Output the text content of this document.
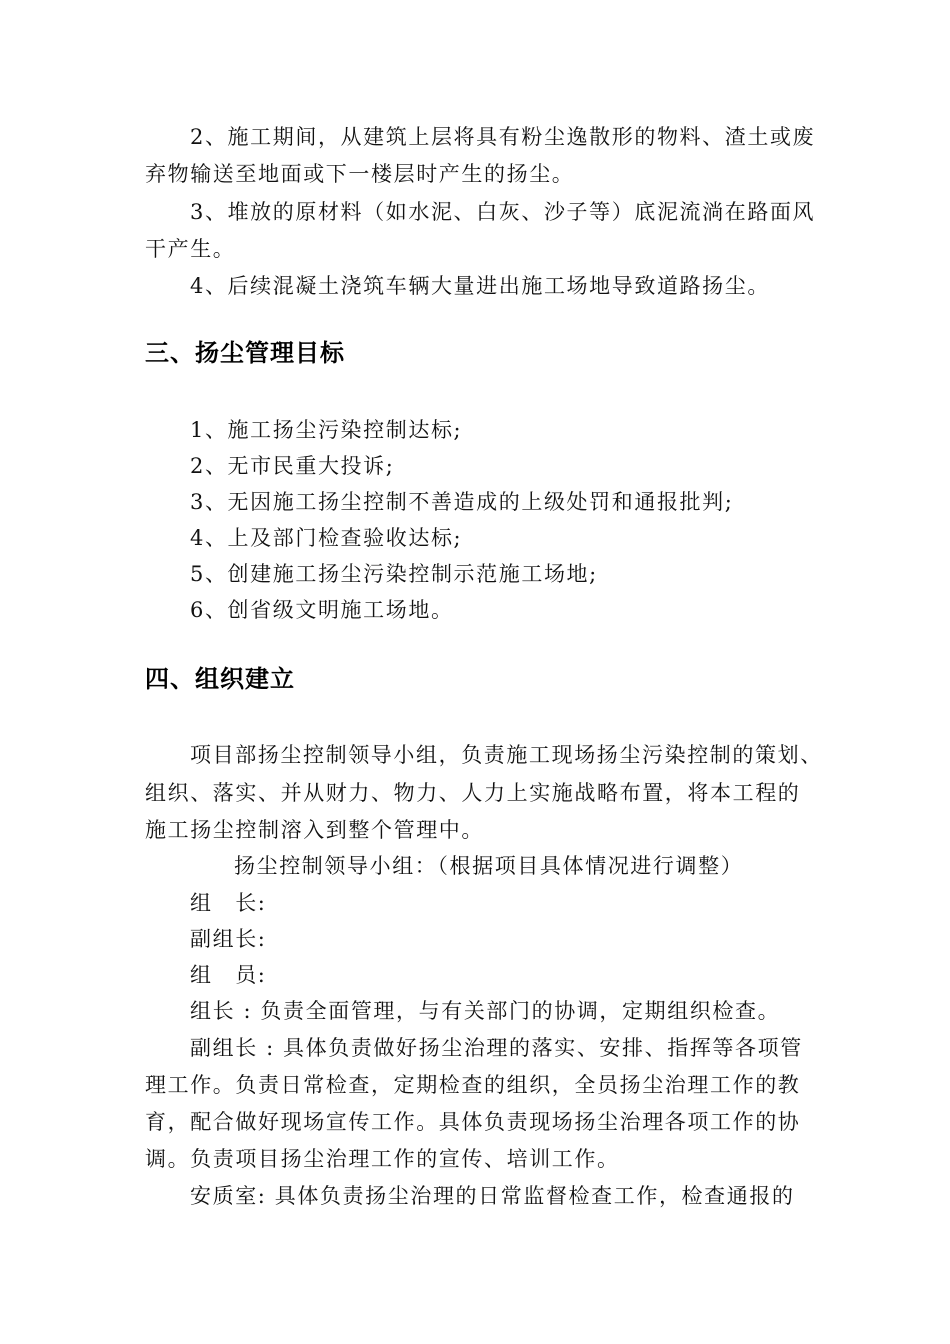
2、施工期间，从建筑上层将具有粉尘逸散形的物料、渣土或废
弃物输送至地面或下一楼层时产生的扬尘。
3、堆放的原材料（如水泥、白灰、沙子等）底泥流淌在路面风
干产生。
4、后续混凝土浇筑车辆大量进出施工场地导致道路扬尘。
三、扬尘管理目标
1、施工扬尘污染控制达标;
2、无市民重大投诉;
3、无因施工扬尘控制不善造成的上级处罚和通报批判;
4、上及部门检查验收达标;
5、创建施工扬尘污染控制示范施工场地;
6、创省级文明施工场地。
四、组织建立
项目部扬尘控制领导小组，负责施工现场扬尘污染控制的策划、
组织、落实、并从财力、物力、人力上实施战略布置，将本工程的
施工扬尘控制溶入到整个管理中。
扬尘控制领导小组：（根据项目具体情况进行调整）
组　长:
副组长:
组　员:
组长 : 负责全面管理，与有关部门的协调，定期组织检查。
副组长 : 具体负责做好扬尘治理的落实、安排、指挥等各项管
理工作。负责日常检查，定期检查的组织，全员扬尘治理工作的教
育，配合做好现场宣传工作。具体负责现场扬尘治理各项工作的协
调。负责项目扬尘治理工作的宣传、培训工作。
安质室: 具体负责扬尘治理的日常监督检查工作，检查通报的
